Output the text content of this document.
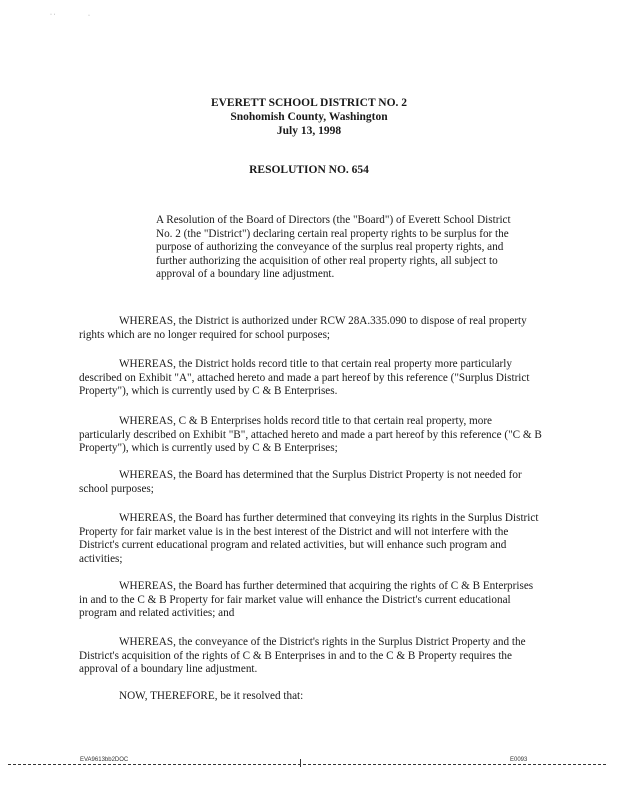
· ·	·
EVERETT SCHOOL DISTRICT NO. 2
Snohomish County, Washington
July 13, 1998
RESOLUTION NO. 654

A Resolution of the Board of Directors (the "Board") of Everett School District No. 2 (the "District") declaring certain real property rights to be surplus for the purpose of authorizing the conveyance of the surplus real property rights, and further authorizing the acquisition of other real property rights, all subject to approval of a boundary line adjustment.

WHEREAS, the District is authorized under RCW 28A.335.090 to dispose of real property rights which are no longer required for school purposes;

WHEREAS, the District holds record title to that certain real property more particularly described on Exhibit "A", attached hereto and made a part hereof by this reference ("Surplus District Property"), which is currently used by C & B Enterprises.

WHEREAS, C & B Enterprises holds record title to that certain real property, more particularly described on Exhibit "B", attached hereto and made a part hereof by this reference ("C & B Property"), which is currently used by C & B Enterprises;

WHEREAS, the Board has determined that the Surplus District Property is not needed for school purposes;

WHEREAS, the Board has further determined that conveying its rights in the Surplus District Property for fair market value is in the best interest of the District and will not interfere with the District's current educational program and related activities, but will enhance such program and activities;

WHEREAS, the Board has further determined that acquiring the rights of C & B Enterprises in and to the C & B Property for fair market value will enhance the District's current educational program and related activities; and

WHEREAS, the conveyance of the District's rights in the Surplus District Property and the District's acquisition of the rights of C & B Enterprises in and to the C & B Property requires the approval of a boundary line adjustment.

NOW, THEREFORE, be it resolved that:

EVA9613bb2DOC	E0093
